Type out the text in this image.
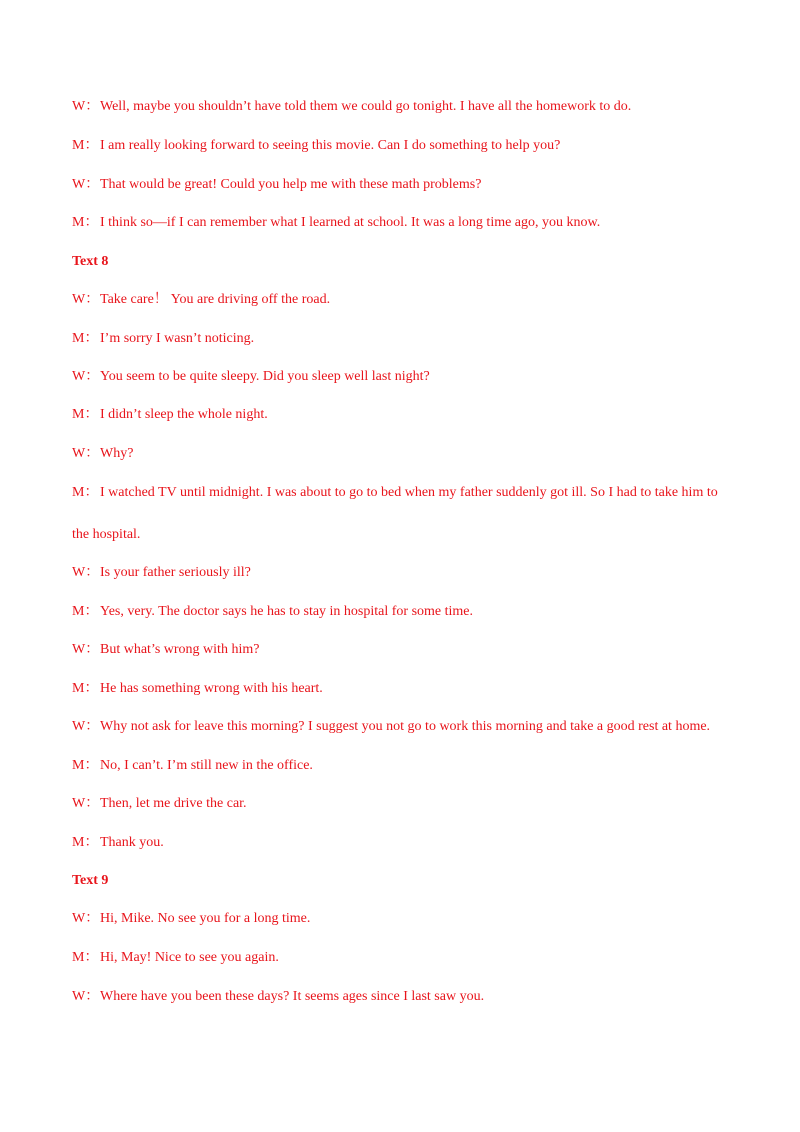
W：Well, maybe you shouldn’t have told them we could go tonight. I have all the homework to do.
M： I am really looking forward to seeing this movie. Can I do something to help you?
W：That would be great! Could you help me with these math problems?
M： I think so—if I can remember what I learned at school. It was a long time ago, you know.
Text 8
W：Take care！ You are driving off the road.
M： I’m sorry I wasn’t noticing.
W：You seem to be quite sleepy. Did you sleep well last night?
M： I didn’t sleep the whole night.
W：Why?
M： I watched TV until midnight. I was about to go to bed when my father suddenly got ill. So I had to take him to the hospital.
W：Is your father seriously ill?
M： Yes, very. The doctor says he has to stay in hospital for some time.
W：But what’s wrong with him?
M： He has something wrong with his heart.
W：Why not ask for leave this morning? I suggest you not go to work this morning and take a good rest at home.
M： No, I can’t. I’m still new in the office.
W：Then, let me drive the car.
M： Thank you.
Text 9
W：Hi, Mike. No see you for a long time.
M： Hi, May! Nice to see you again.
W：Where have you been these days? It seems ages since I last saw you.
